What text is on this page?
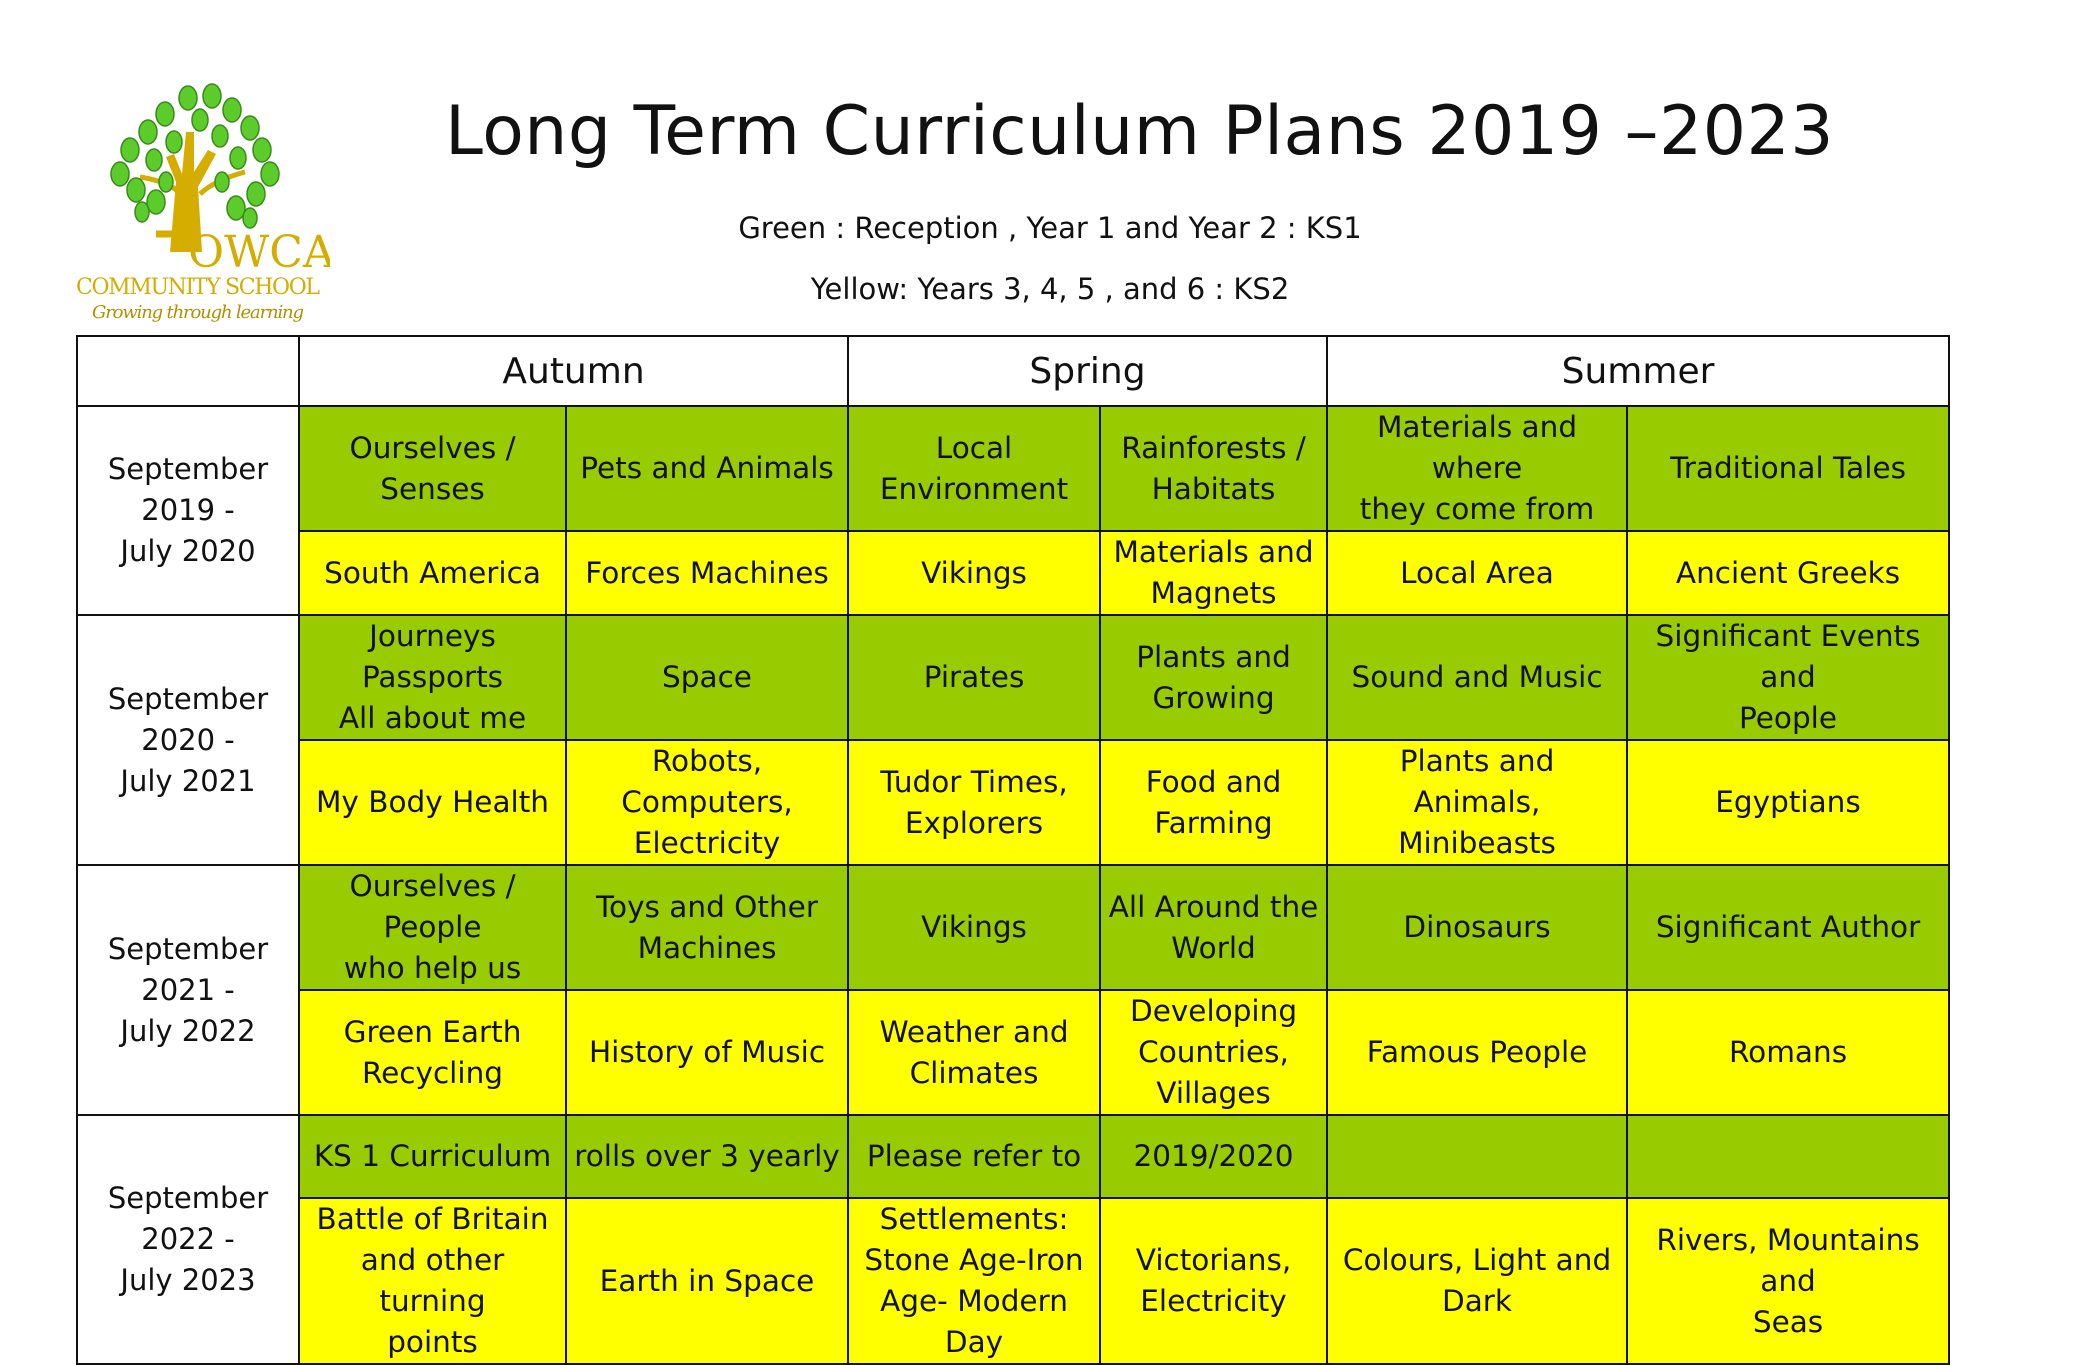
OWCA
COMMUNITY SCHOOL
Growing through learning
Long Term Curriculum Plans 2019 –2023
Green : Reception , Year 1 and Year 2 : KS1
Yellow: Years 3, 4, 5 , and 6 : KS2
	Autumn		Spring		Summer	
September
2019 -
July 2020	Ourselves / Senses	Pets and Animals	Local
Environment	Rainforests /
Habitats	Materials and where
they come from	Traditional Tales
	South America	Forces Machines	Vikings	Materials and
Magnets	Local Area	Ancient Greeks
September
2020 -
July 2021	Journeys
Passports
All about me	Space	Pirates	Plants and
Growing	Sound and Music	Significant Events and
People
	My Body Health	Robots, Computers,
Electricity	Tudor Times,
Explorers	Food and
Farming	Plants and Animals,
Minibeasts	Egyptians
September
2021 -
July 2022	Ourselves / People
who help us	Toys and Other
Machines	Vikings	All Around the
World	Dinosaurs	Significant Author
	Green Earth
Recycling	History of Music	Weather and
Climates	Developing
Countries,
Villages	Famous People	Romans
September
2022 -
July 2023	KS 1 Curriculum	rolls over 3 yearly	Please refer to	2019/2020		
	Battle of Britain
and other turning
points	Earth in Space	Settlements:
Stone Age-Iron
Age- Modern Day	Victorians,
Electricity	Colours, Light and
Dark	Rivers, Mountains and
Seas
